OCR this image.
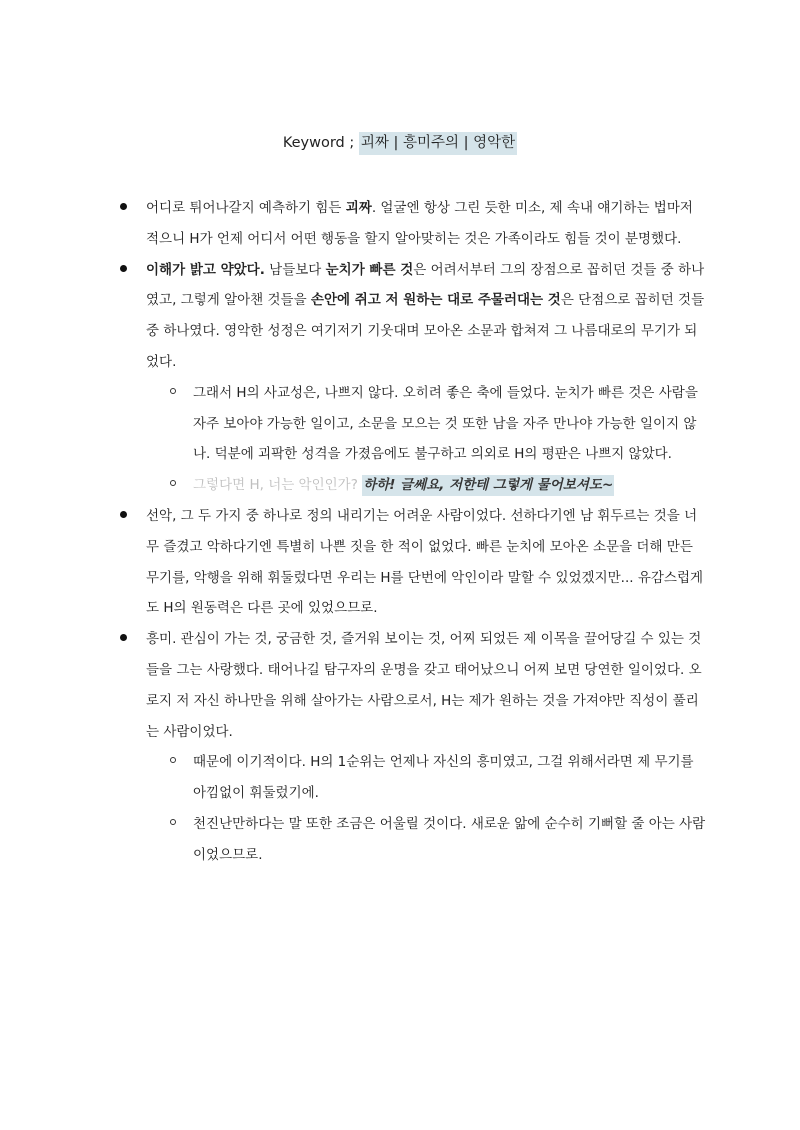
Keyword ; 괴짜 | 흥미주의 | 영악한

어디로 튀어나갈지 예측하기 힘든 괴짜. 얼굴엔 항상 그린 듯한 미소, 제 속내 얘기하는 법마저 적으니 H가 언제 어디서 어떤 행동을 할지 알아맞히는 것은 가족이라도 힘들 것이 분명했다.

이해가 밝고 약았다. 남들보다 눈치가 빠른 것은 어려서부터 그의 장점으로 꼽히던 것들 중 하나였고, 그렇게 알아챈 것들을 손안에 쥐고 저 원하는 대로 주물러대는 것은 단점으로 꼽히던 것들 중 하나였다. 영악한 성정은 여기저기 기웃대며 모아온 소문과 합쳐져 그 나름대로의 무기가 되었다.

그래서 H의 사교성은, 나쁘지 않다. 오히려 좋은 축에 들었다. 눈치가 빠른 것은 사람을 자주 보아야 가능한 일이고, 소문을 모으는 것 또한 남을 자주 만나야 가능한 일이지 않나. 덕분에 괴팍한 성격을 가졌음에도 불구하고 의외로 H의 평판은 나쁘지 않았다.

그렇다면 H, 너는 악인인가? 하하! 글쎄요, 저한테 그렇게 물어보셔도~

선악, 그 두 가지 중 하나로 정의 내리기는 어려운 사람이었다. 선하다기엔 남 휘두르는 것을 너무 즐겼고 악하다기엔 특별히 나쁜 짓을 한 적이 없었다. 빠른 눈치에 모아온 소문을 더해 만든 무기를, 악행을 위해 휘둘렀다면 우리는 H를 단번에 악인이라 말할 수 있었겠지만... 유감스럽게도 H의 원동력은 다른 곳에 있었으므로.

흥미. 관심이 가는 것, 궁금한 것, 즐거워 보이는 것, 어찌 되었든 제 이목을 끌어당길 수 있는 것들을 그는 사랑했다. 태어나길 탐구자의 운명을 갖고 태어났으니 어찌 보면 당연한 일이었다. 오로지 저 자신 하나만을 위해 살아가는 사람으로서, H는 제가 원하는 것을 가져야만 직성이 풀리는 사람이었다.

때문에 이기적이다. H의 1순위는 언제나 자신의 흥미였고, 그걸 위해서라면 제 무기를 아낌없이 휘둘렀기에.

천진난만하다는 말 또한 조금은 어울릴 것이다. 새로운 앎에 순수히 기뻐할 줄 아는 사람이었으므로.
